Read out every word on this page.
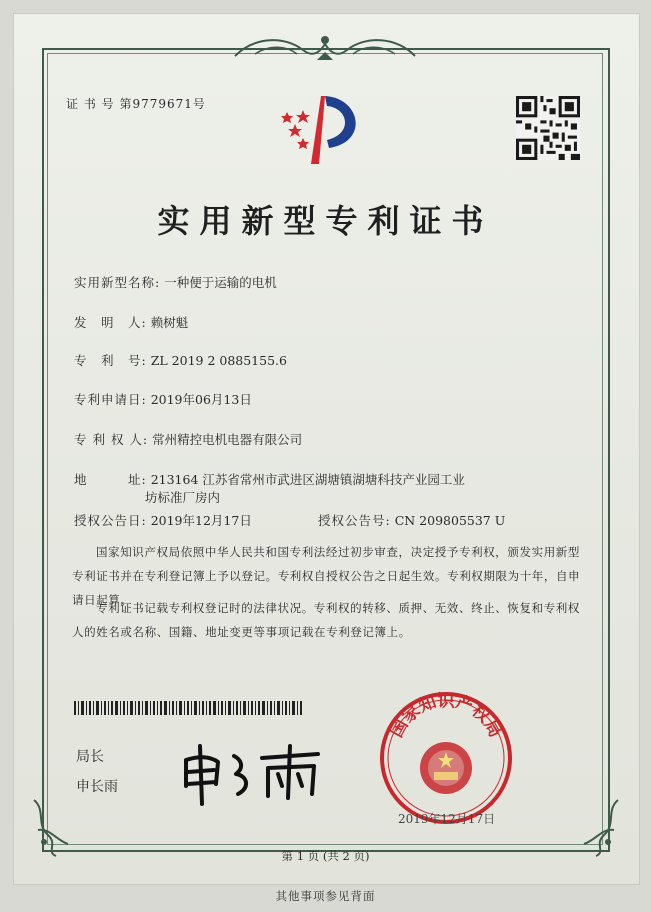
证 书 号 第9779671号
实用新型专利证书
实用新型名称: 一种便于运输的电机
发　明　人: 赖树魁
专　利　号: ZL 2019 2 0885155.6
专利申请日: 2019年06月13日
专 利 权 人: 常州精控电机电器有限公司
地　　　址: 213164 江苏省常州市武进区湖塘镇湖塘科技产业园工业
坊标准厂房内
授权公告日: 2019年12月17日	授权公告号: CN 209805537 U
国家知识产权局依照中华人民共和国专利法经过初步审查，决定授予专利权，颁发实用新型专利证书并在专利登记簿上予以登记。专利权自授权公告之日起生效。专利权期限为十年，自申请日起算。
专利证书记载专利权登记时的法律状况。专利权的转移、质押、无效、终止、恢复和专利权人的姓名或名称、国籍、地址变更等事项记载在专利登记簿上。
局长
申长雨
国家知识产权局
2019年12月17日
第 1 页 (共 2 页)
其他事项参见背面
